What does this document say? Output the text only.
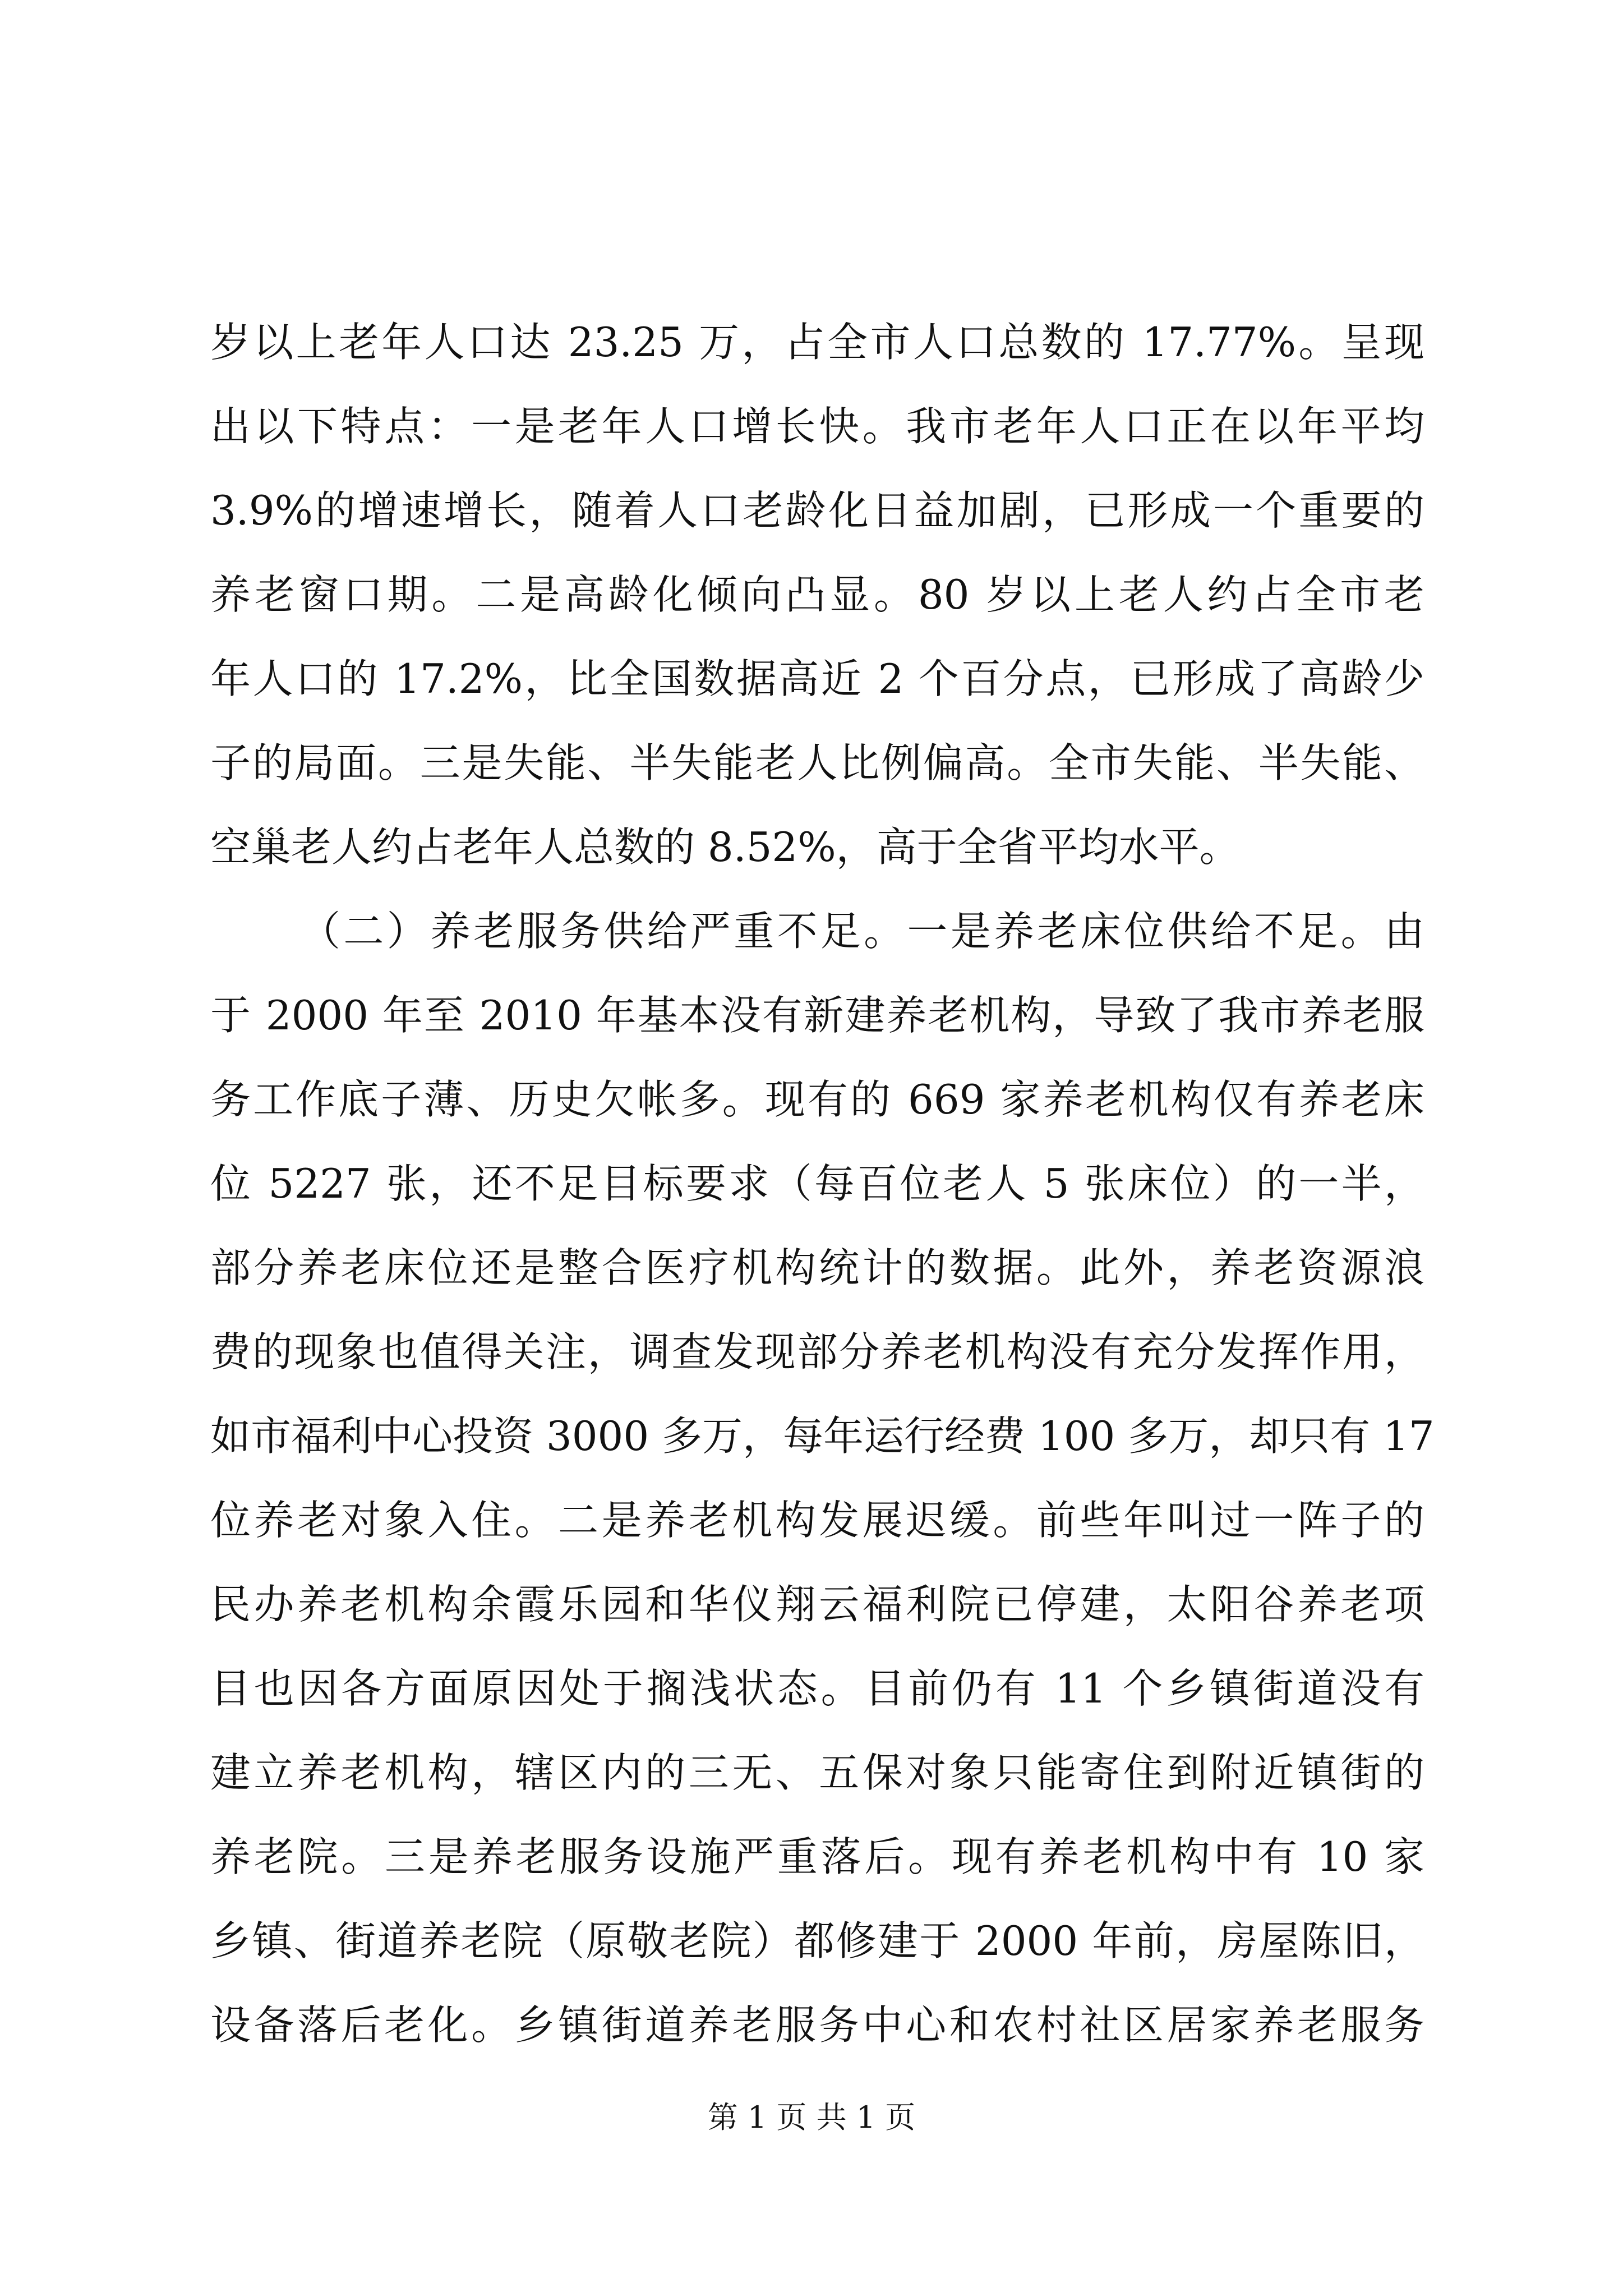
岁以上老年人口达 23.25 万，占全市人口总数的 17.77%。呈现
出以下特点：一是老年人口增长快。我市老年人口正在以年平均
3.9%的增速增长，随着人口老龄化日益加剧，已形成一个重要的
养老窗口期。二是高龄化倾向凸显。80 岁以上老人约占全市老
年人口的 17.2%，比全国数据高近 2 个百分点，已形成了高龄少
子的局面。三是失能、半失能老人比例偏高。全市失能、半失能、
空巢老人约占老年人总数的 8.52%，高于全省平均水平。
（二）养老服务供给严重不足。一是养老床位供给不足。由
于 2000 年至 2010 年基本没有新建养老机构，导致了我市养老服
务工作底子薄、历史欠帐多。现有的 669 家养老机构仅有养老床
位 5227 张，还不足目标要求（每百位老人 5 张床位）的一半，
部分养老床位还是整合医疗机构统计的数据。此外，养老资源浪
费的现象也值得关注，调查发现部分养老机构没有充分发挥作用，
如市福利中心投资 3000 多万，每年运行经费 100 多万，却只有 17
位养老对象入住。二是养老机构发展迟缓。前些年叫过一阵子的
民办养老机构余霞乐园和华仪翔云福利院已停建，太阳谷养老项
目也因各方面原因处于搁浅状态。目前仍有 11 个乡镇街道没有
建立养老机构，辖区内的三无、五保对象只能寄住到附近镇街的
养老院。三是养老服务设施严重落后。现有养老机构中有 10 家
乡镇、街道养老院（原敬老院）都修建于 2000 年前，房屋陈旧，
设备落后老化。乡镇街道养老服务中心和农村社区居家养老服务
第 1 页 共 1 页
